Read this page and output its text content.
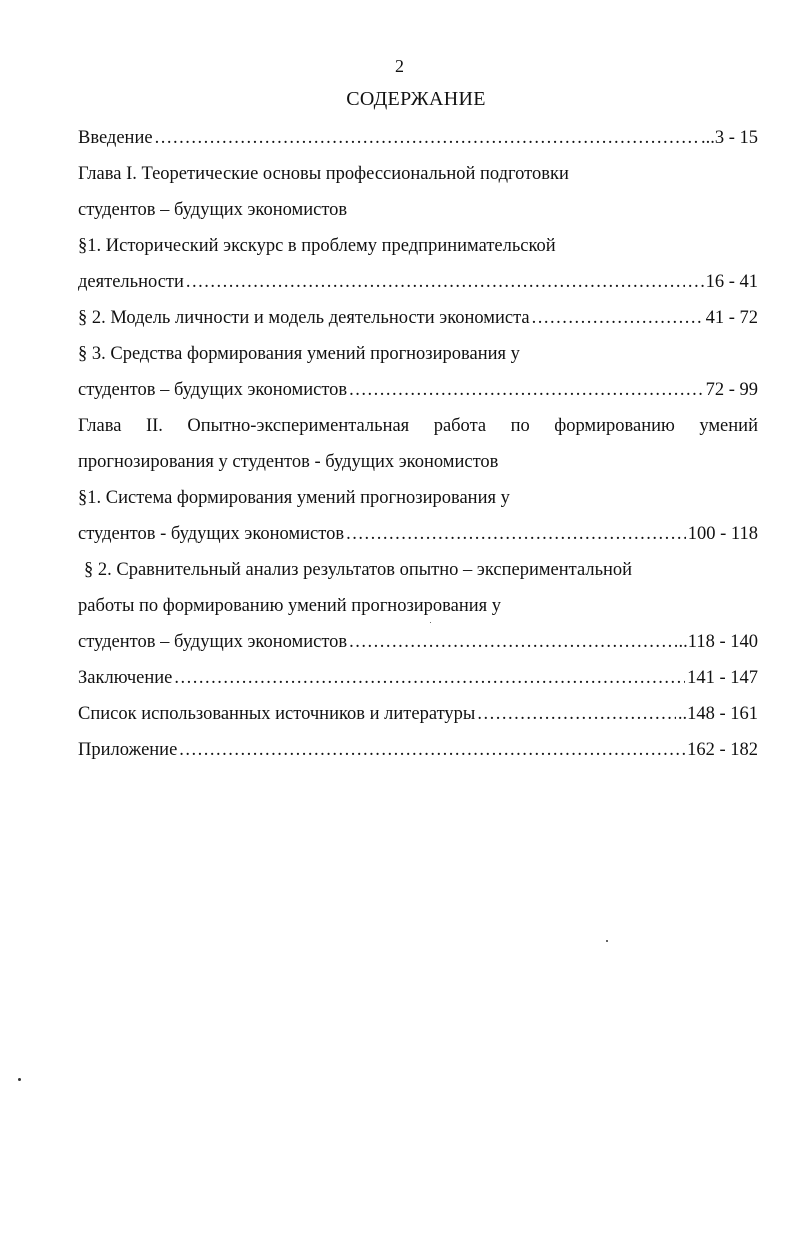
2
СОДЕРЖАНИЕ
Введение .....	...3 - 15
Глава I. Теоретические основы профессиональной подготовки
студентов – будущих экономистов
§1. Исторический экскурс в проблему предпринимательской
деятельности .....	…16 - 41
§ 2. Модель личности и модель деятельности экономиста .....	41 - 72
§ 3. Средства формирования умений прогнозирования у
студентов – будущих экономистов .....	72 - 99
Глава II. Опытно-экспериментальная работа по формированию умений
прогнозирования у студентов - будущих экономистов
§1. Система формирования умений прогнозирования у
студентов - будущих экономистов .....	100 - 118
§ 2. Сравнительный анализ результатов опытно – экспериментальной
работы по формированию умений прогнозирования у
студентов – будущих экономистов .....	..118 - 140
Заключение .....	141 - 147
Список использованных источников и литературы .....	..148 - 161
Приложение .....	162 - 182
